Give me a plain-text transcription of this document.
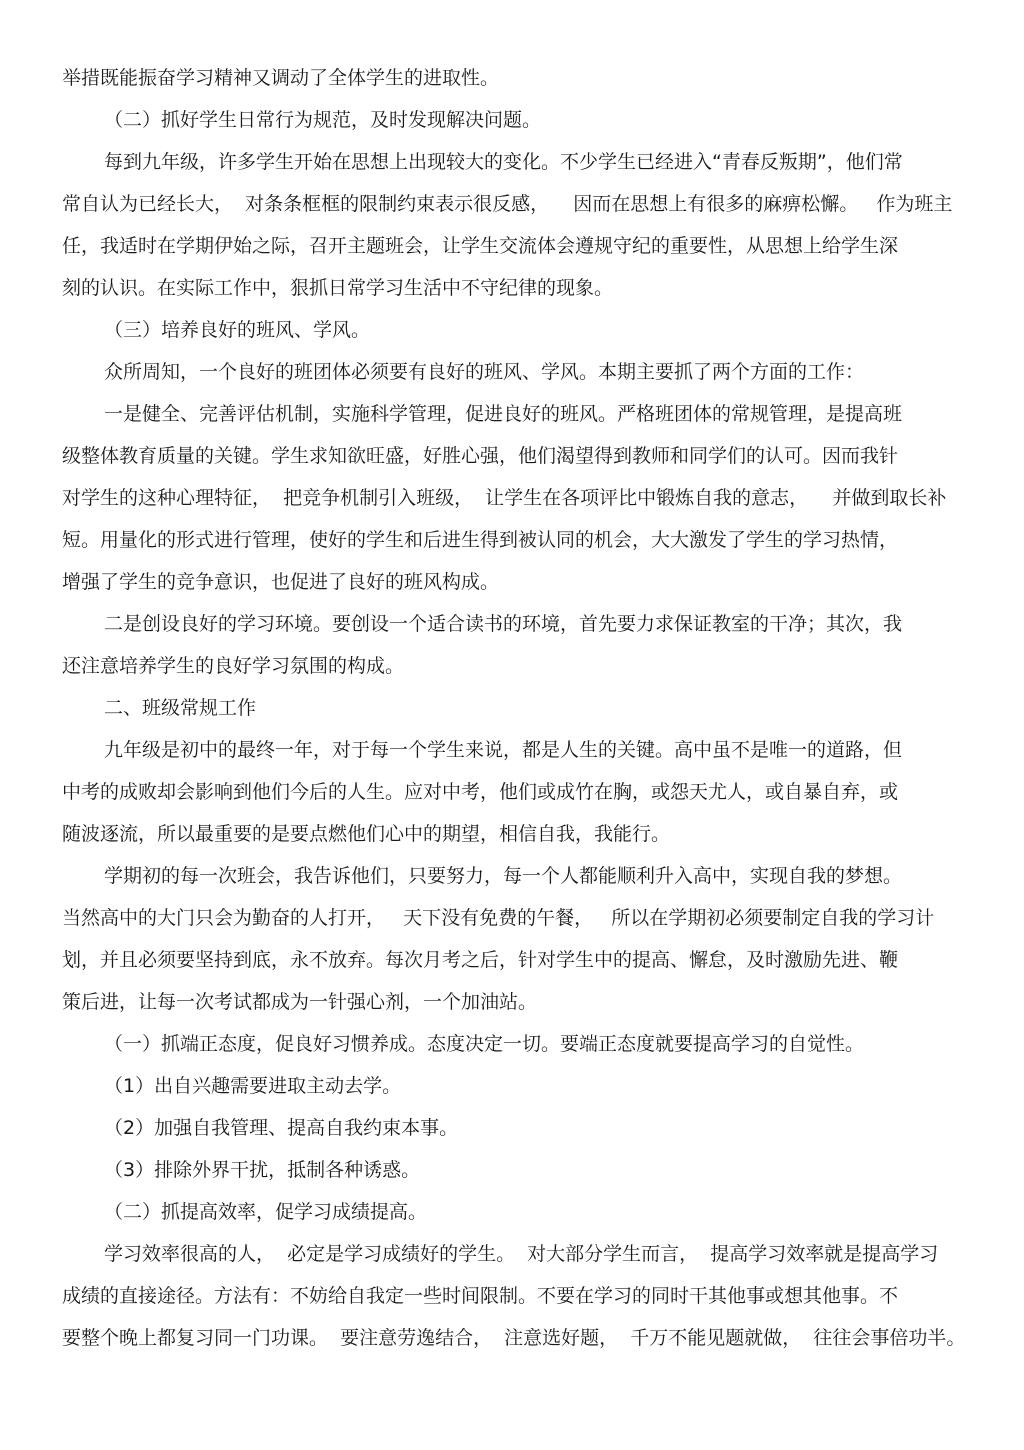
举措既能振奋学习精神又调动了全体学生的进取性。
（二）抓好学生日常行为规范，及时发现解决问题。
每到九年级，许多学生开始在思想上出现较大的变化。不少学生已经进入“青春反叛期”，他们常
常自认为已经长大，  对条条框框的限制约束表示很反感，    因而在思想上有很多的麻痹松懈。   作为班主
任，我适时在学期伊始之际，召开主题班会，让学生交流体会遵规守纪的重要性，从思想上给学生深
刻的认识。在实际工作中，狠抓日常学习生活中不守纪律的现象。
（三）培养良好的班风、学风。
众所周知，一个良好的班团体必须要有良好的班风、学风。本期主要抓了两个方面的工作：
一是健全、完善评估机制，实施科学管理，促进良好的班风。严格班团体的常规管理，是提高班
级整体教育质量的关键。学生求知欲旺盛，好胜心强，他们渴望得到教师和同学们的认可。因而我针
对学生的这种心理特征，  把竞争机制引入班级，  让学生在各项评比中锻炼自我的意志，    并做到取长补
短。用量化的形式进行管理，使好的学生和后进生得到被认同的机会，大大激发了学生的学习热情，
增强了学生的竞争意识，也促进了良好的班风构成。
二是创设良好的学习环境。要创设一个适合读书的环境，首先要力求保证教室的干净；其次，我
还注意培养学生的良好学习氛围的构成。
二、班级常规工作
九年级是初中的最终一年，对于每一个学生来说，都是人生的关键。高中虽不是唯一的道路，但
中考的成败却会影响到他们今后的人生。应对中考，他们或成竹在胸，或怨天尤人，或自暴自弃，或
随波逐流，所以最重要的是要点燃他们心中的期望，相信自我，我能行。
学期初的每一次班会，我告诉他们，只要努力，每一个人都能顺利升入高中，实现自我的梦想。
当然高中的大门只会为勤奋的人打开，   天下没有免费的午餐，   所以在学期初必须要制定自我的学习计
划，并且必须要坚持到底，永不放弃。每次月考之后，针对学生中的提高、懈怠，及时激励先进、鞭
策后进，让每一次考试都成为一针强心剂，一个加油站。
（一）抓端正态度，促良好习惯养成。态度决定一切。要端正态度就要提高学习的自觉性。
（1）出自兴趣需要进取主动去学。
（2）加强自我管理、提高自我约束本事。
（3）排除外界干扰，抵制各种诱惑。
（二）抓提高效率，促学习成绩提高。
学习效率很高的人，  必定是学习成绩好的学生。  对大部分学生而言，  提高学习效率就是提高学习
成绩的直接途径。方法有：不妨给自我定一些时间限制。不要在学习的同时干其他事或想其他事。不
要整个晚上都复习同一门功课。  要注意劳逸结合，  注意选好题，  千万不能见题就做，  往往会事倍功半。
